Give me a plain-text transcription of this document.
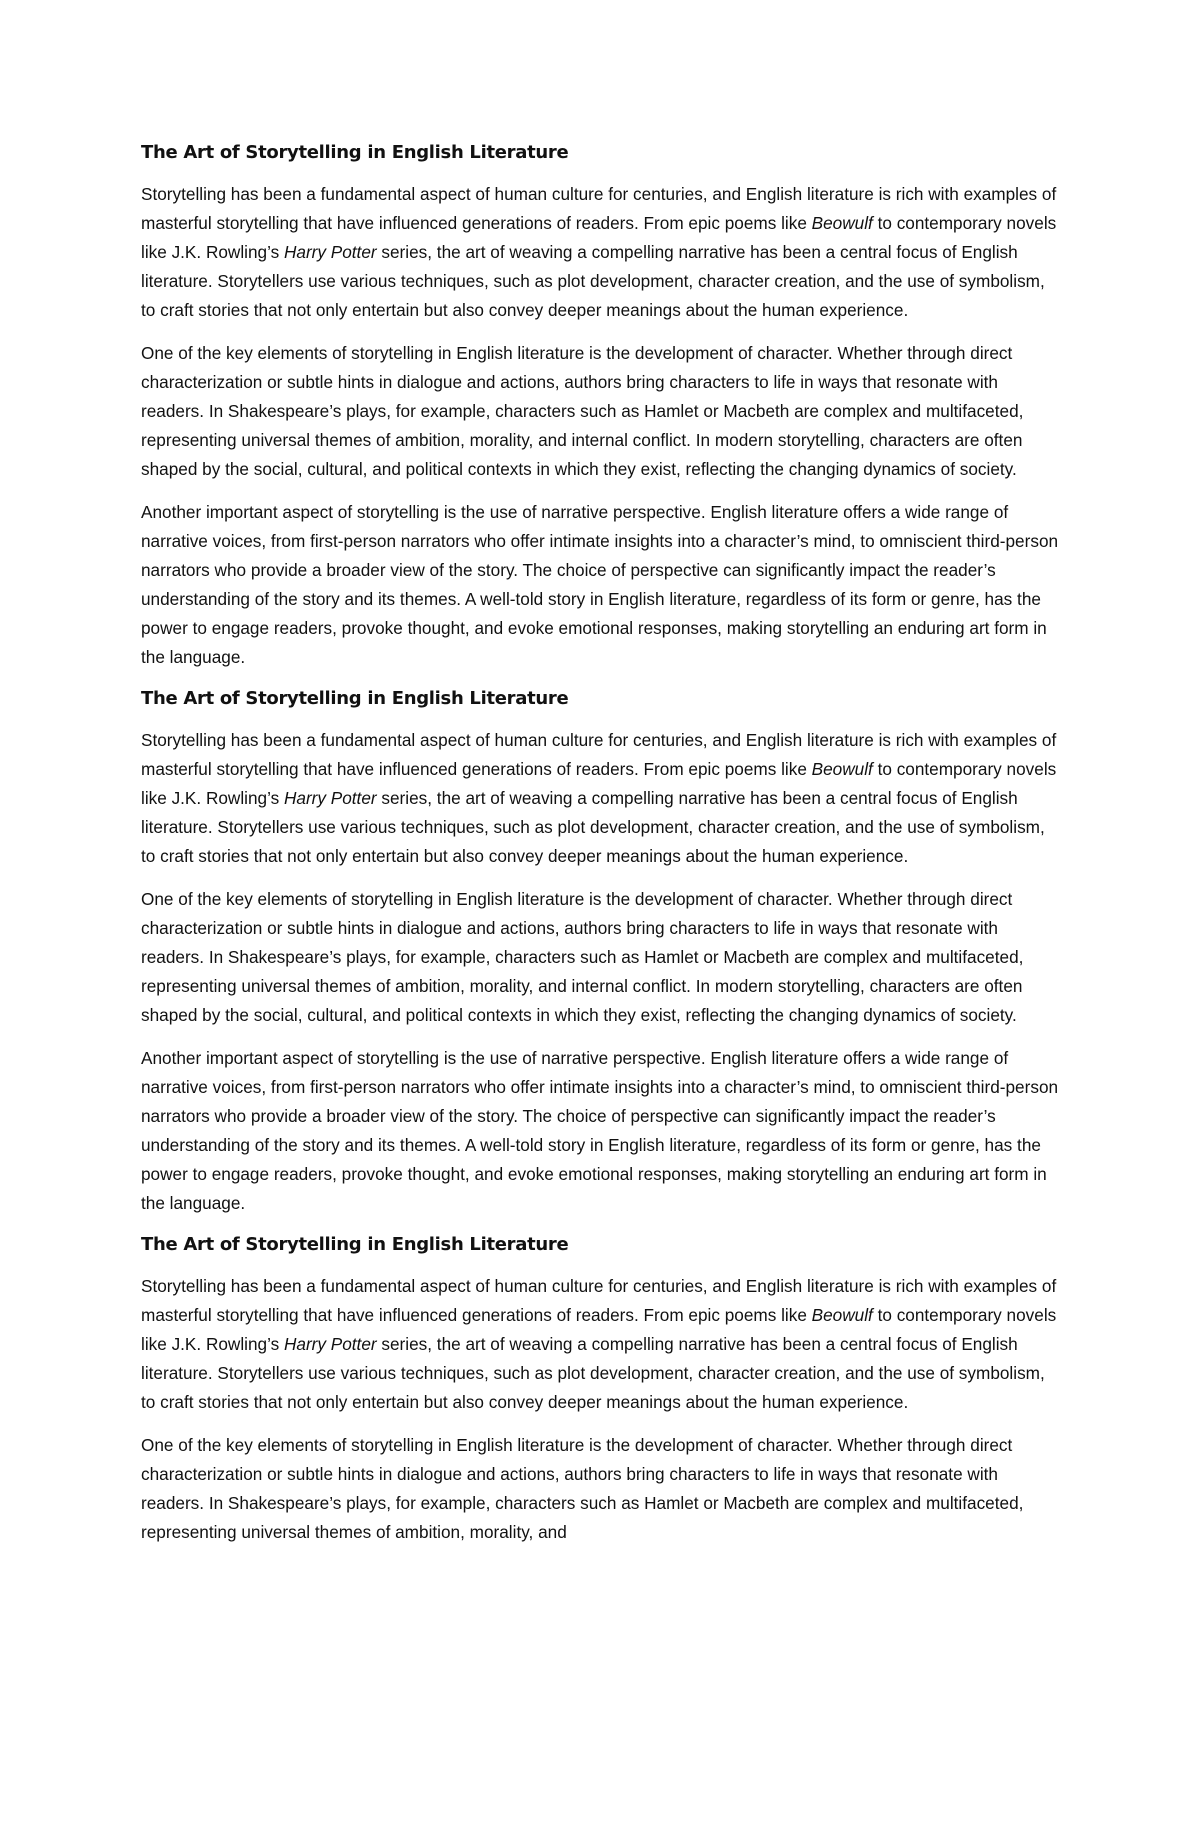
The Art of Storytelling in English Literature

Storytelling has been a fundamental aspect of human culture for centuries, and English literature is rich with examples of masterful storytelling that have influenced generations of readers. From epic poems like Beowulf to contemporary novels like J.K. Rowling’s Harry Potter series, the art of weaving a compelling narrative has been a central focus of English literature. Storytellers use various techniques, such as plot development, character creation, and the use of symbolism, to craft stories that not only entertain but also convey deeper meanings about the human experience.

One of the key elements of storytelling in English literature is the development of character. Whether through direct characterization or subtle hints in dialogue and actions, authors bring characters to life in ways that resonate with readers. In Shakespeare’s plays, for example, characters such as Hamlet or Macbeth are complex and multifaceted, representing universal themes of ambition, morality, and internal conflict. In modern storytelling, characters are often shaped by the social, cultural, and political contexts in which they exist, reflecting the changing dynamics of society.

Another important aspect of storytelling is the use of narrative perspective. English literature offers a wide range of narrative voices, from first-person narrators who offer intimate insights into a character’s mind, to omniscient third-person narrators who provide a broader view of the story. The choice of perspective can significantly impact the reader’s understanding of the story and its themes. A well-told story in English literature, regardless of its form or genre, has the power to engage readers, provoke thought, and evoke emotional responses, making storytelling an enduring art form in the language.

The Art of Storytelling in English Literature

Storytelling has been a fundamental aspect of human culture for centuries, and English literature is rich with examples of masterful storytelling that have influenced generations of readers. From epic poems like Beowulf to contemporary novels like J.K. Rowling’s Harry Potter series, the art of weaving a compelling narrative has been a central focus of English literature. Storytellers use various techniques, such as plot development, character creation, and the use of symbolism, to craft stories that not only entertain but also convey deeper meanings about the human experience.

One of the key elements of storytelling in English literature is the development of character. Whether through direct characterization or subtle hints in dialogue and actions, authors bring characters to life in ways that resonate with readers. In Shakespeare’s plays, for example, characters such as Hamlet or Macbeth are complex and multifaceted, representing universal themes of ambition, morality, and internal conflict. In modern storytelling, characters are often shaped by the social, cultural, and political contexts in which they exist, reflecting the changing dynamics of society.

Another important aspect of storytelling is the use of narrative perspective. English literature offers a wide range of narrative voices, from first-person narrators who offer intimate insights into a character’s mind, to omniscient third-person narrators who provide a broader view of the story. The choice of perspective can significantly impact the reader’s understanding of the story and its themes. A well-told story in English literature, regardless of its form or genre, has the power to engage readers, provoke thought, and evoke emotional responses, making storytelling an enduring art form in the language.

The Art of Storytelling in English Literature

Storytelling has been a fundamental aspect of human culture for centuries, and English literature is rich with examples of masterful storytelling that have influenced generations of readers. From epic poems like Beowulf to contemporary novels like J.K. Rowling’s Harry Potter series, the art of weaving a compelling narrative has been a central focus of English literature. Storytellers use various techniques, such as plot development, character creation, and the use of symbolism, to craft stories that not only entertain but also convey deeper meanings about the human experience.

One of the key elements of storytelling in English literature is the development of character. Whether through direct characterization or subtle hints in dialogue and actions, authors bring characters to life in ways that resonate with readers. In Shakespeare’s plays, for example, characters such as Hamlet or Macbeth are complex and multifaceted, representing universal themes of ambition, morality, and
